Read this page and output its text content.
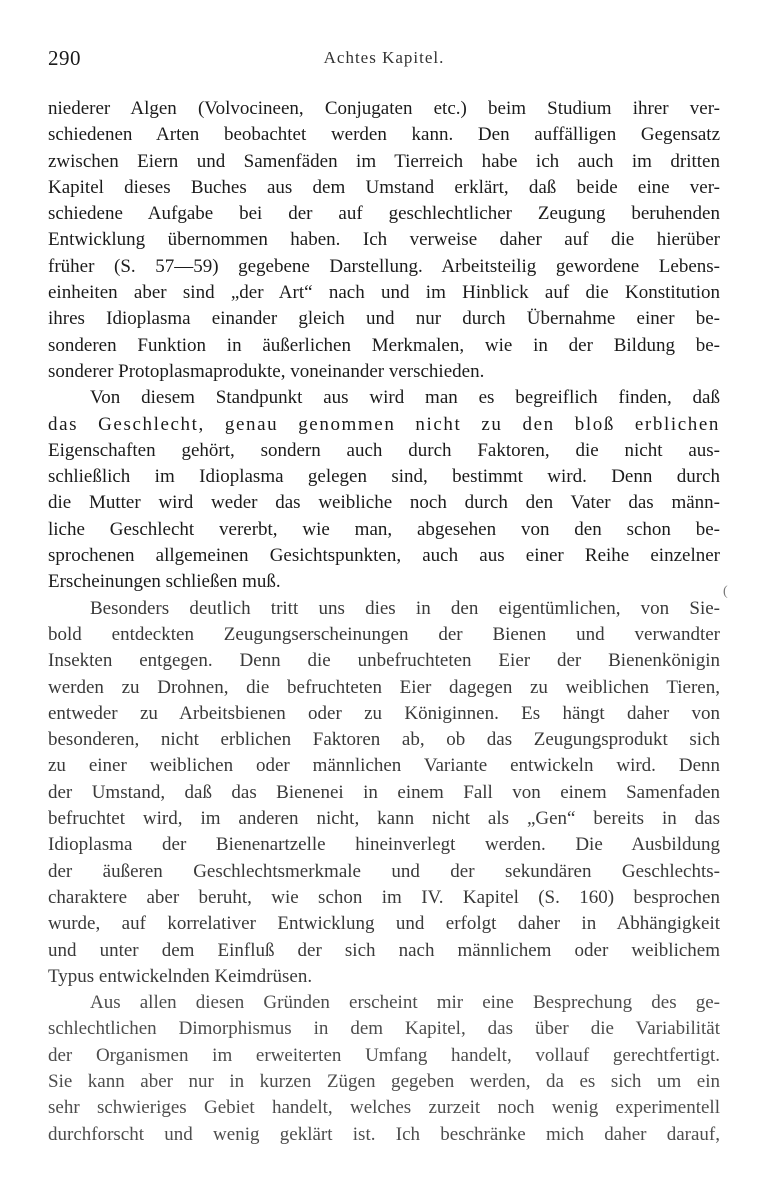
290	Achtes Kapitel.
niederer Algen (Volvocineen, Conjugaten etc.) beim Studium ihrer ver-
schiedenen Arten beobachtet werden kann. Den auffälligen Gegensatz
zwischen Eiern und Samenfäden im Tierreich habe ich auch im dritten
Kapitel dieses Buches aus dem Umstand erklärt, daß beide eine ver-
schiedene Aufgabe bei der auf geschlechtlicher Zeugung beruhenden
Entwicklung übernommen haben. Ich verweise daher auf die hierüber
früher (S. 57—59) gegebene Darstellung. Arbeitsteilig gewordene Lebens-
einheiten aber sind „der Art“ nach und im Hinblick auf die Konstitution
ihres Idioplasma einander gleich und nur durch Übernahme einer be-
sonderen Funktion in äußerlichen Merkmalen, wie in der Bildung be-
sonderer Protoplasmaprodukte, voneinander verschieden.
Von diesem Standpunkt aus wird man es begreiflich finden, daß
das Geschlecht, genau genommen nicht zu den bloß erblichen
Eigenschaften gehört, sondern auch durch Faktoren, die nicht aus-
schließlich im Idioplasma gelegen sind, bestimmt wird. Denn durch
die Mutter wird weder das weibliche noch durch den Vater das männ-
liche Geschlecht vererbt, wie man, abgesehen von den schon be-
sprochenen allgemeinen Gesichtspunkten, auch aus einer Reihe einzelner
Erscheinungen schließen muß.
Besonders deutlich tritt uns dies in den eigentümlichen, von Sie-
bold entdeckten Zeugungserscheinungen der Bienen und verwandter
Insekten entgegen. Denn die unbefruchteten Eier der Bienenkönigin
werden zu Drohnen, die befruchteten Eier dagegen zu weiblichen Tieren,
entweder zu Arbeitsbienen oder zu Königinnen. Es hängt daher von
besonderen, nicht erblichen Faktoren ab, ob das Zeugungsprodukt sich
zu einer weiblichen oder männlichen Variante entwickeln wird. Denn
der Umstand, daß das Bienenei in einem Fall von einem Samenfaden
befruchtet wird, im anderen nicht, kann nicht als „Gen“ bereits in das
Idioplasma der Bienenartzelle hineinverlegt werden. Die Ausbildung
der äußeren Geschlechtsmerkmale und der sekundären Geschlechts-
charaktere aber beruht, wie schon im IV. Kapitel (S. 160) besprochen
wurde, auf korrelativer Entwicklung und erfolgt daher in Abhängigkeit
und unter dem Einfluß der sich nach männlichem oder weiblichem
Typus entwickelnden Keimdrüsen.
Aus allen diesen Gründen erscheint mir eine Besprechung des ge-
schlechtlichen Dimorphismus in dem Kapitel, das über die Variabilität
der Organismen im erweiterten Umfang handelt, vollauf gerechtfertigt.
Sie kann aber nur in kurzen Zügen gegeben werden, da es sich um ein
sehr schwieriges Gebiet handelt, welches zurzeit noch wenig experimentell
durchforscht und wenig geklärt ist. Ich beschränke mich daher darauf,
(
